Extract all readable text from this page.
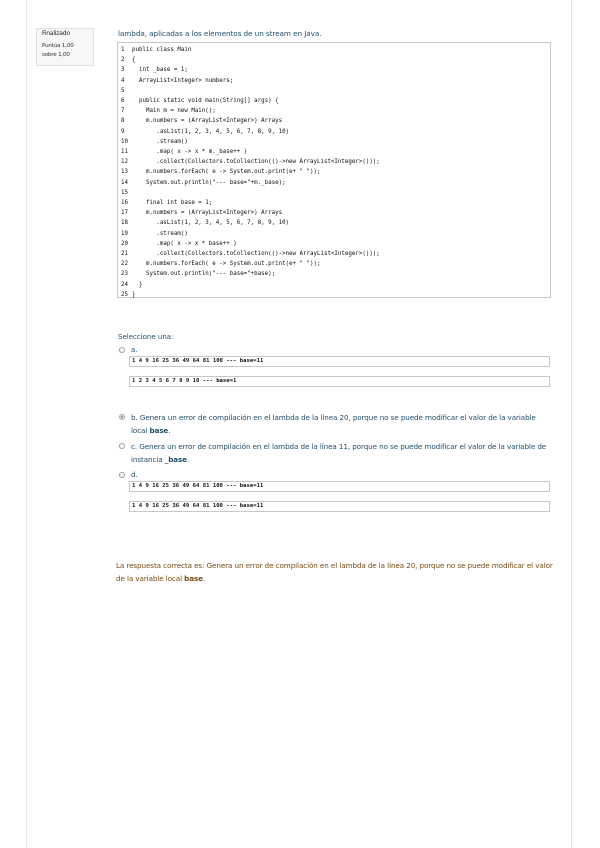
Finalizado
Puntúa 1,00
sobre 1,00
lambda, aplicadas a los elementos de un stream en Java.
1	public class Main
2	{
3	int _base = 1;
4	ArrayList<Integer> numbers;
5
6	public static void main(String[] args) {
7	Main m = new Main();
8	m.numbers = (ArrayList<Integer>) Arrays
9	.asList(1, 2, 3, 4, 5, 6, 7, 8, 9, 10)
10 .stream()
11 .map( x -> x * m._base++ )
12 .collect(Collectors.toCollection(()->new ArrayList<Integer>()));
13 m.numbers.forEach( e -> System.out.print(e+ " "));
14 System.out.println("--- base="+m._base);
15
16 final int base = 1;
17 m.numbers = (ArrayList<Integer>) Arrays
18 .asList(1, 2, 3, 4, 5, 6, 7, 8, 9, 10)
19 .stream()
20 .map( x -> x * base++ )
21 .collect(Collectors.toCollection(()->new ArrayList<Integer>()));
22 m.numbers.forEach( e -> System.out.print(e+ " "));
23 System.out.println("--- base="+base);
24 }
25 }
Seleccione una:
a.
1 4 9 16 25 36 49 64 81 100 --- base=11
1 2 3 4 5 6 7 8 9 10 --- base=1
b. Genera un error de compilación en el lambda de la línea 20, porque no se puede modificar el valor de la variable local base.
c. Genera un error de compilación en el lambda de la línea 11, porque no se puede modificar el valor de la variable de instancia _base.
d.
1 4 9 16 25 36 49 64 81 100 --- base=11
1 4 9 16 25 36 49 64 81 100 --- base=11
La respuesta correcta es: Genera un error de compilación en el lambda de la línea 20, porque no se puede modificar el valor de la variable local base.
